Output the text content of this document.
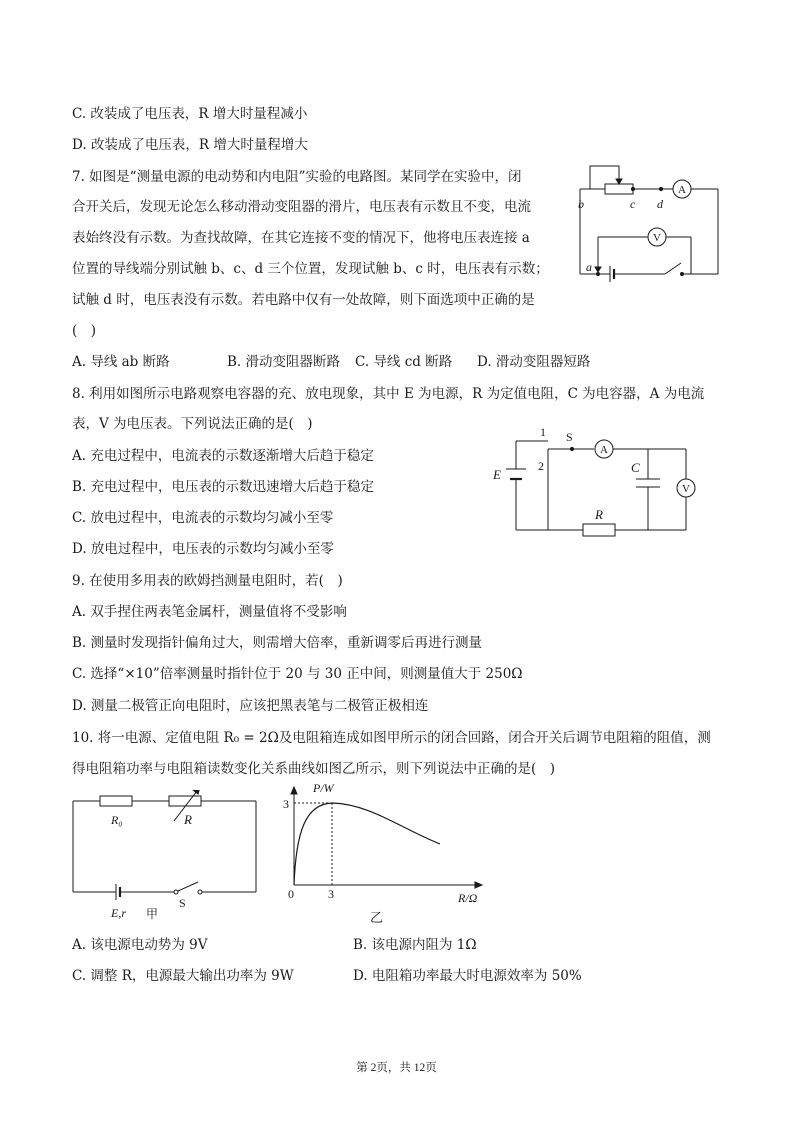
C. 改装成了电压表，R 增大时量程减小
D. 改装成了电压表，R 增大时量程增大
7. 如图是“测量电源的电动势和内电阻”实验的电路图。某同学在实验中，闭
合开关后，发现无论怎么移动滑动变阻器的滑片，电压表有示数且不变，电流
表始终没有示数。为查找故障，在其它连接不变的情况下，他将电压表连接 a
位置的导线端分别试触 b、c、d 三个位置，发现试触 b、c 时，电压表有示数；
试触 d 时，电压表没有示数。若电路中仅有一处故障，则下面选项中正确的是
(　)
A. 导线 ab 断路	B. 滑动变阻器断路 C. 导线 cd 断路 D. 滑动变阻器短路
b	c d
a
A
V
8. 利用如图所示电路观察电容器的充、放电现象，其中 E 为电源，R 为定值电阻，C 为电容器，A 为电流
表，V 为电压表。下列说法正确的是(　)
A. 充电过程中，电流表的示数逐渐增大后趋于稳定
B. 充电过程中，电压表的示数迅速增大后趋于稳定
C. 放电过程中，电流表的示数均匀减小至零
D. 放电过程中，电压表的示数均匀减小至零
1
2
S
A
E	C
R
V
9. 在使用多用表的欧姆挡测量电阻时，若(　)
A. 双手捏住两表笔金属杆，测量值将不受影响
B. 测量时发现指针偏角过大，则需增大倍率，重新调零后再进行测量
C. 选择“×10”倍率测量时指针位于 20 与 30 正中间，则测量值大于 250Ω
D. 测量二极管正向电阻时，应该把黑表笔与二极管正极相连
10. 将一电源、定值电阻 R₀ = 2Ω及电阻箱连成如图甲所示的闭合回路，闭合开关后调节电阻箱的阻值，测
得电阻箱功率与电阻箱读数变化关系曲线如图乙所示，则下列说法中正确的是(　)
R₀	R
E,r 甲
S
P/W
3
3
0	R/Ω
乙
A. 该电源电动势为 9V	B. 该电源内阻为 1Ω
C. 调整 R，电源最大输出功率为 9W	D. 电阻箱功率最大时电源效率为 50%
第 2页，共 12页
